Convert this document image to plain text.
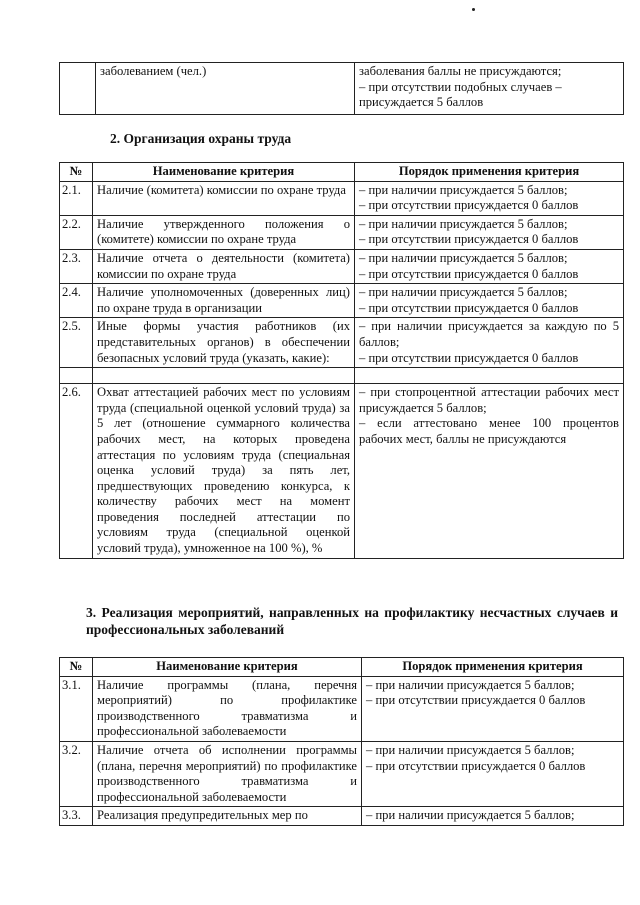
	заболеванием (чел.)	заболевания баллы не присуждаются;
– при отсутствии подобных случаев –
присуждается 5 баллов
2. Организация охраны труда
№	Наименование критерия	Порядок применения критерия
2.1.	Наличие (комитета) комиссии по охране труда	– при наличии присуждается 5 баллов;
– при отсутствии присуждается 0 баллов

2.2.	Наличие утвержденного положения о (комитете) комиссии по охране труда	– при наличии присуждается 5 баллов;
– при отсутствии присуждается 0 баллов

2.3.	Наличие отчета о деятельности (комитета) комиссии по охране труда	– при наличии присуждается 5 баллов;
– при отсутствии присуждается 0 баллов

2.4.	Наличие уполномоченных (доверенных лиц) по охране труда в организации	– при наличии присуждается 5 баллов;
– при отсутствии присуждается 0 баллов

2.5.	Иные формы участия работников (их представительных органов) в обеспечении безопасных условий труда (указать, какие):	– при наличии присуждается за каждую по 5 баллов;
– при отсутствии присуждается 0 баллов

2.6.	Охват аттестацией рабочих мест по условиям труда (специальной оценкой условий труда) за 5 лет (отношение суммарного количества рабочих мест, на которых проведена аттестация по условиям труда (специальная оценка условий труда) за пять лет, предшествующих проведению конкурса, к количеству рабочих мест на момент проведения последней аттестации по условиям труда (специальной оценкой условий труда), умноженное на 100 %), %	– при стопроцентной аттестации рабочих мест присуждается 5 баллов;
– если аттестовано менее 100 процентов рабочих мест, баллы не присуждаются
3. Реализация мероприятий, направленных на профилактику несчастных случаев и профессиональных заболеваний
№	Наименование критерия	Порядок применения критерия
3.1.	Наличие программы (плана, перечня мероприятий) по профилактике производственного травматизма и профессиональной заболеваемости	– при наличии присуждается 5 баллов;
– при отсутствии присуждается 0 баллов

3.2.	Наличие отчета об исполнении программы (плана, перечня мероприятий) по профилактике производственного травматизма и профессиональной заболеваемости	– при наличии присуждается 5 баллов;
– при отсутствии присуждается 0 баллов

3.3.	Реализация предупредительных мер по	– при наличии присуждается 5 баллов;
